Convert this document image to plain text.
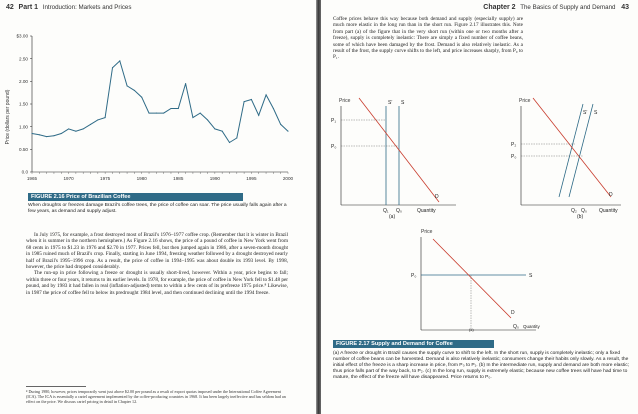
42 Part 1 Introduction: Markets and Prices
0.0
0.50
1.00
1.50
2.00
2.50
$3.00
1965	1970	1975	1980	1985	1990	1995	2000
Price (dollars per pound)
FIGURE 2.16 Price of Brazilian Coffee
When droughts or freezes damage Brazil's coffee trees, the price of coffee can soar. The price usually falls again after a few years, as demand and supply adjust.

In July 1975, for example, a frost destroyed most of Brazil's 1976–1977 coffee crop. (Remember that it is winter in Brazil when it is summer in the northern hemisphere.) As Figure 2.16 shows, the price of a pound of coffee in New York went from 68 cents in 1975 to $1.23 in 1976 and $2.70 in 1977. Prices fell, but then jumped again in 1986, after a seven-month drought in 1985 ruined much of Brazil's crop. Finally, starting in June 1994, freezing weather followed by a drought destroyed nearly half of Brazil's 1995–1996 crop. As a result, the price of coffee in 1994–1995 was about double its 1993 level. By 1998, however, the price had dropped considerably.

The run-up in price following a freeze or drought is usually short-lived, however. Within a year, price begins to fall; within three or four years, it returns to its earlier levels. In 1978, for example, the price of coffee in New York fell to $1.48 per pound, and by 1983 it had fallen in real (inflation-adjusted) terms to within a few cents of its prefreeze 1975 price.⁸ Likewise, in 1987 the price of coffee fell to below its predrought 1984 level, and then continued declining until the 1994 freeze.

⁸ During 1980, however, prices temporarily went just above $2.00 per pound as a result of export quotas imposed under the International Coffee Agreement (ICA). The ICA is essentially a cartel agreement implemented by the coffee-producing countries in 1968. It has been largely ineffective and has seldom had an effect on the price. We discuss cartel pricing in detail in Chapter 12.
Chapter 2 The Basics of Supply and Demand 43

Coffee prices behave this way because both demand and supply (especially supply) are much more elastic in the long run than in the short run. Figure 2.17 illustrates this. Note from part (a) of the figure that in the very short run (within one or two months after a freeze), supply is completely inelastic: There are simply a fixed number of coffee beans, some of which have been damaged by the frost. Demand is also relatively inelastic. As a result of the frost, the supply curve shifts to the left, and price increases sharply, from P₀ to P₁.

Price	S′ S
D
P₁
P₀
Q₁ Q₀	Quantity
(a)
Price
S′ S
D
P₂
P₀
Q₂ Q₀ Quantity
(b)
Price
S
D
P₀
Q₀ Quantity
(c)
FIGURE 2.17 Supply and Demand for Coffee
(a) A freeze or drought in Brazil causes the supply curve to shift to the left. In the short run, supply is completely inelastic; only a fixed number of coffee beans can be harvested. Demand is also relatively inelastic; consumers change their habits only slowly. As a result, the initial effect of the freeze is a sharp increase in price, from P₀ to P₁. (b) In the intermediate run, supply and demand are both more elastic; thus price falls part of the way back, to P₂. (c) In the long run, supply is extremely elastic; because new coffee trees will have had time to mature, the effect of the freeze will have disappeared. Price returns to P₀.
